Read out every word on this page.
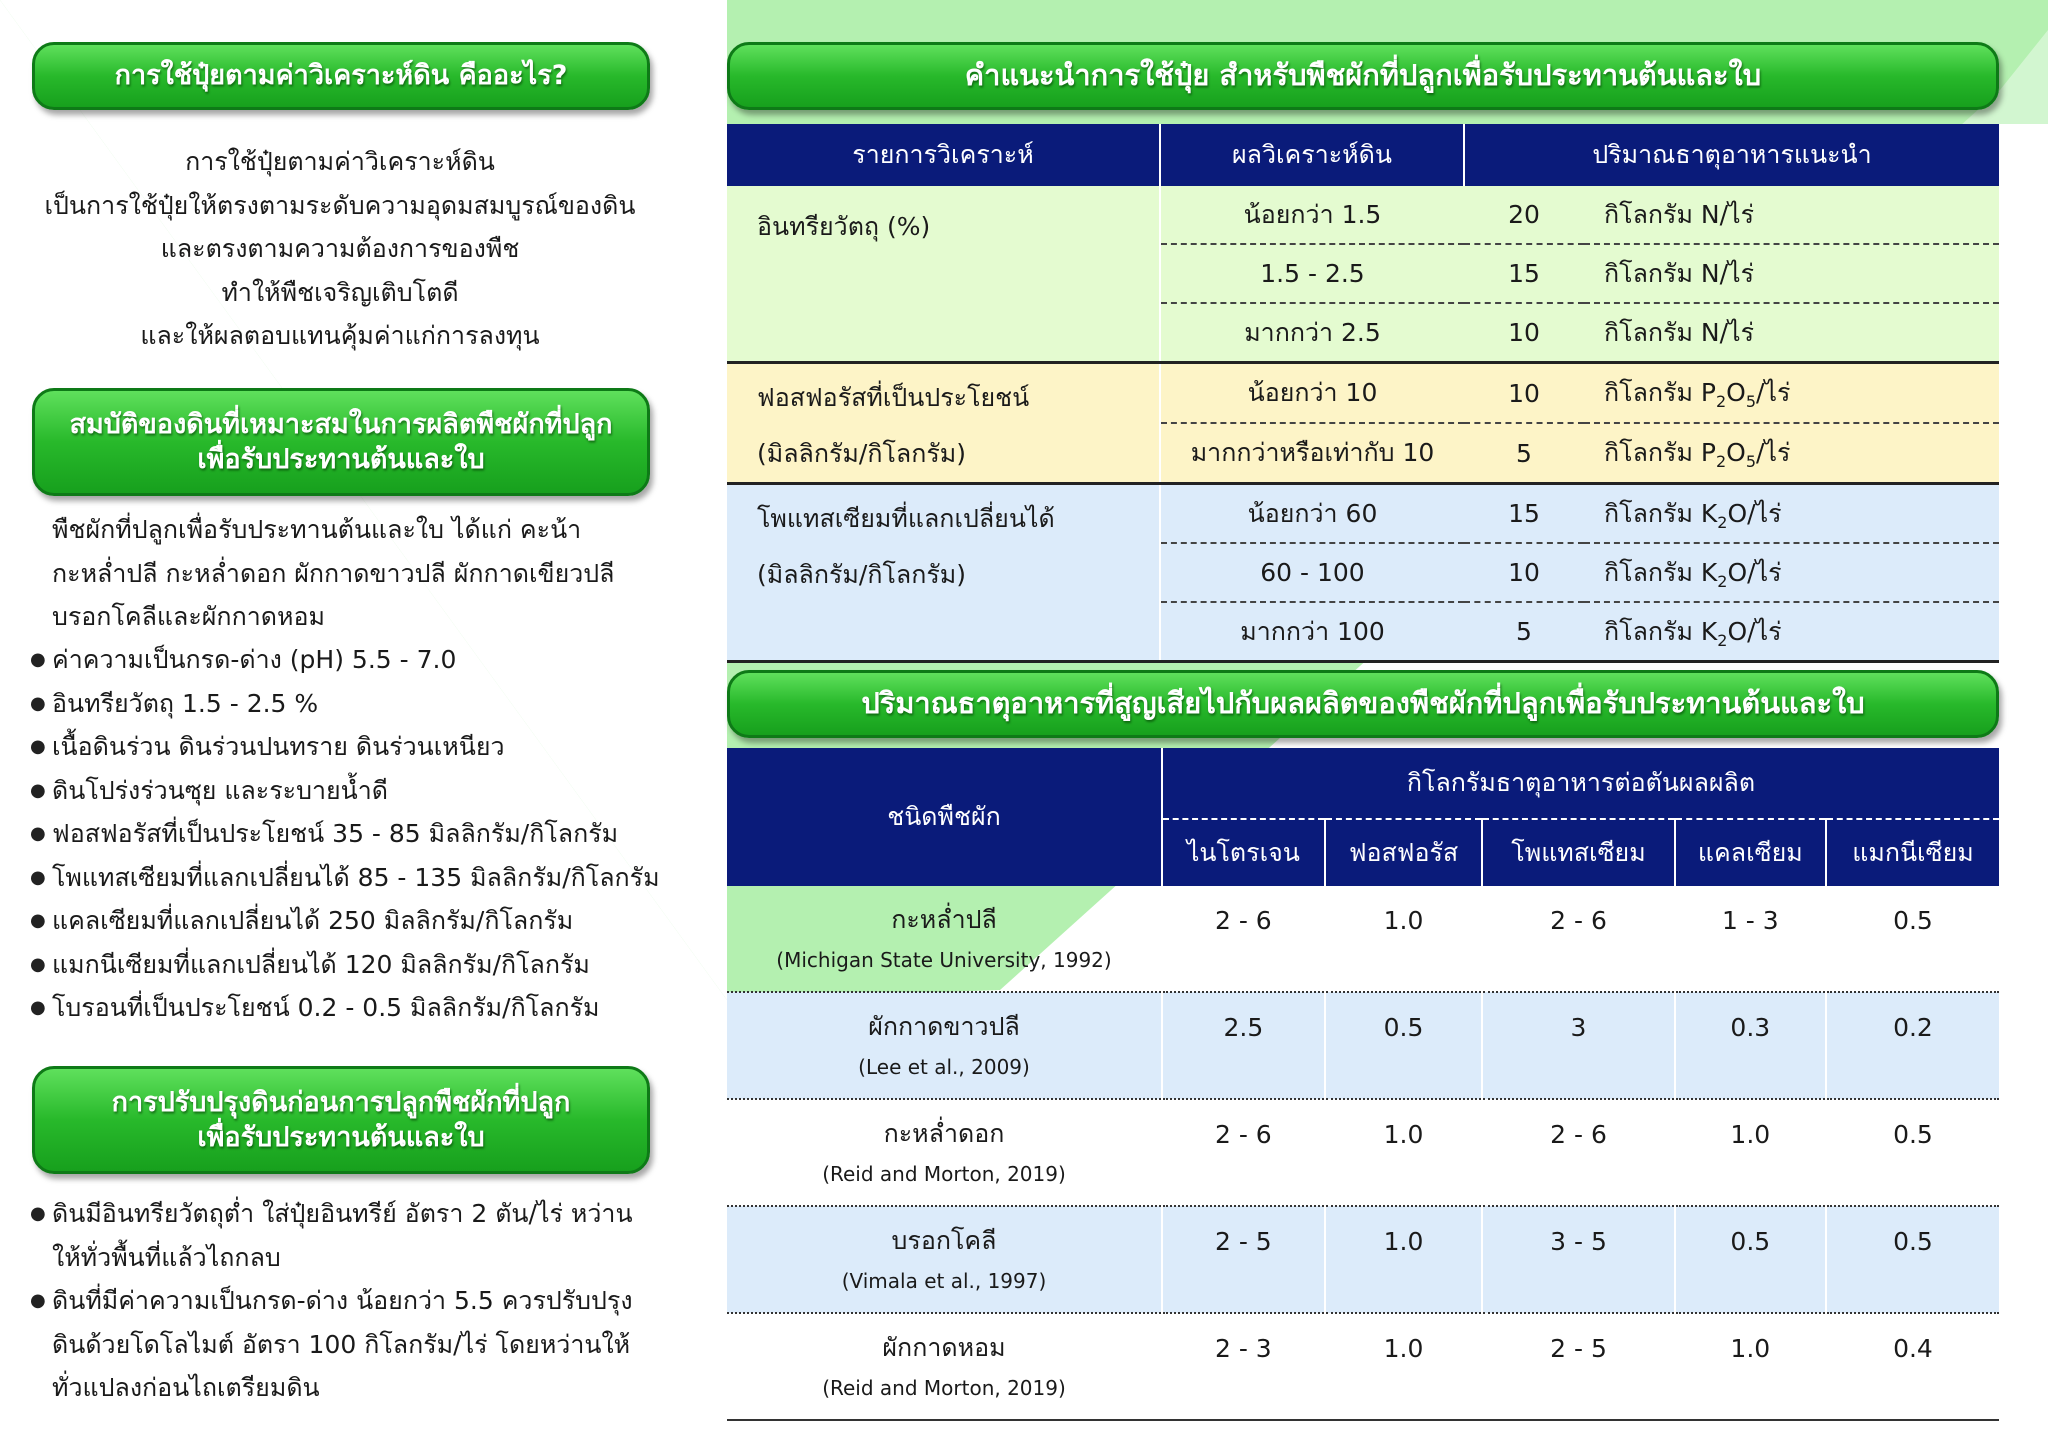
การใช้ปุ๋ยตามค่าวิเคราะห์ดิน คืออะไร?
การใช้ปุ๋ยตามค่าวิเคราะห์ดิน
เป็นการใช้ปุ๋ยให้ตรงตามระดับความอุดมสมบูรณ์ของดิน
และตรงตามความต้องการของพืช
ทำให้พืชเจริญเติบโตดี
และให้ผลตอบแทนคุ้มค่าแก่การลงทุน
สมบัติของดินที่เหมาะสมในการผลิตพืชผักที่ปลูก
เพื่อรับประทานต้นและใบ
พืชผักที่ปลูกเพื่อรับประทานต้นและใบ ได้แก่ คะน้า
กะหล่ำปลี กะหล่ำดอก ผักกาดขาวปลี ผักกาดเขียวปลี
บรอกโคลีและผักกาดหอม
● ค่าความเป็นกรด-ด่าง (pH) 5.5 - 7.0
● อินทรียวัตถุ 1.5 - 2.5 %
● เนื้อดินร่วน ดินร่วนปนทราย ดินร่วนเหนียว
● ดินโปร่งร่วนซุย และระบายน้ำดี
● ฟอสฟอรัสที่เป็นประโยชน์ 35 - 85 มิลลิกรัม/กิโลกรัม
● โพแทสเซียมที่แลกเปลี่ยนได้ 85 - 135 มิลลิกรัม/กิโลกรัม
● แคลเซียมที่แลกเปลี่ยนได้ 250 มิลลิกรัม/กิโลกรัม
● แมกนีเซียมที่แลกเปลี่ยนได้ 120 มิลลิกรัม/กิโลกรัม
● โบรอนที่เป็นประโยชน์ 0.2 - 0.5 มิลลิกรัม/กิโลกรัม
การปรับปรุงดินก่อนการปลูกพืชผักที่ปลูก
เพื่อรับประทานต้นและใบ
● ดินมีอินทรียวัตถุต่ำ ใส่ปุ๋ยอินทรีย์ อัตรา 2 ตัน/ไร่ หว่านให้ทั่วพื้นที่แล้วไถกลบ
● ดินที่มีค่าความเป็นกรด-ด่าง น้อยกว่า 5.5 ควรปรับปรุงดินด้วยโดโลไมต์ อัตรา 100 กิโลกรัม/ไร่ โดยหว่านให้ทั่วแปลงก่อนไถเตรียมดิน
คำแนะนำการใช้ปุ๋ย สำหรับพืชผักที่ปลูกเพื่อรับประทานต้นและใบ
รายการวิเคราะห์	ผลวิเคราะห์ดิน	ปริมาณธาตุอาหารแนะนำ	
อินทรียวัตถุ (%)	น้อยกว่า 1.5	20	กิโลกรัม N/ไร่
	1.5 - 2.5	15	กิโลกรัม N/ไร่
	มากกว่า 2.5	10	กิโลกรัม N/ไร่

ฟอสฟอรัสที่เป็นประโยชน์
(มิลลิกรัม/กิโลกรัม)	น้อยกว่า 10	10	กิโลกรัม $P_2O_5/$ไร่
	มากกว่าหรือเท่ากับ 10	5	กิโลกรัม $P_2O_5/$ไร่

โพแทสเซียมที่แลกเปลี่ยนได้
(มิลลิกรัม/กิโลกรัม)	น้อยกว่า 60	15	กิโลกรัม $K_2O/$ไร่
	60 - 100	10	กิโลกรัม $K_2O/$ไร่
	มากกว่า 100	5	กิโลกรัม $K_2O/$ไร่
ปริมาณธาตุอาหารที่สูญเสียไปกับผลผลิตของพืชผักที่ปลูกเพื่อรับประทานต้นและใบ
ชนิดพืชผัก	กิโลกรัมธาตุอาหารต่อตันผลผลิต				
	ไนโตรเจน	ฟอสฟอรัส	โพแทสเซียม	แคลเซียม	แมกนีเซียม
กะหล่ำปลี
(Michigan State University, 1992)	2 - 6	1.0	2 - 6	1 - 3	0.5
ผักกาดขาวปลี
(Lee et al., 2009)	2.5	0.5	3	0.3	0.2
กะหล่ำดอก
(Reid and Morton, 2019)	2 - 6	1.0	2 - 6	1.0	0.5
บรอกโคลี
(Vimala et al., 1997)	2 - 5	1.0	3 - 5	0.5	0.5
ผักกาดหอม
(Reid and Morton, 2019)	2 - 3	1.0	2 - 5	1.0	0.4
